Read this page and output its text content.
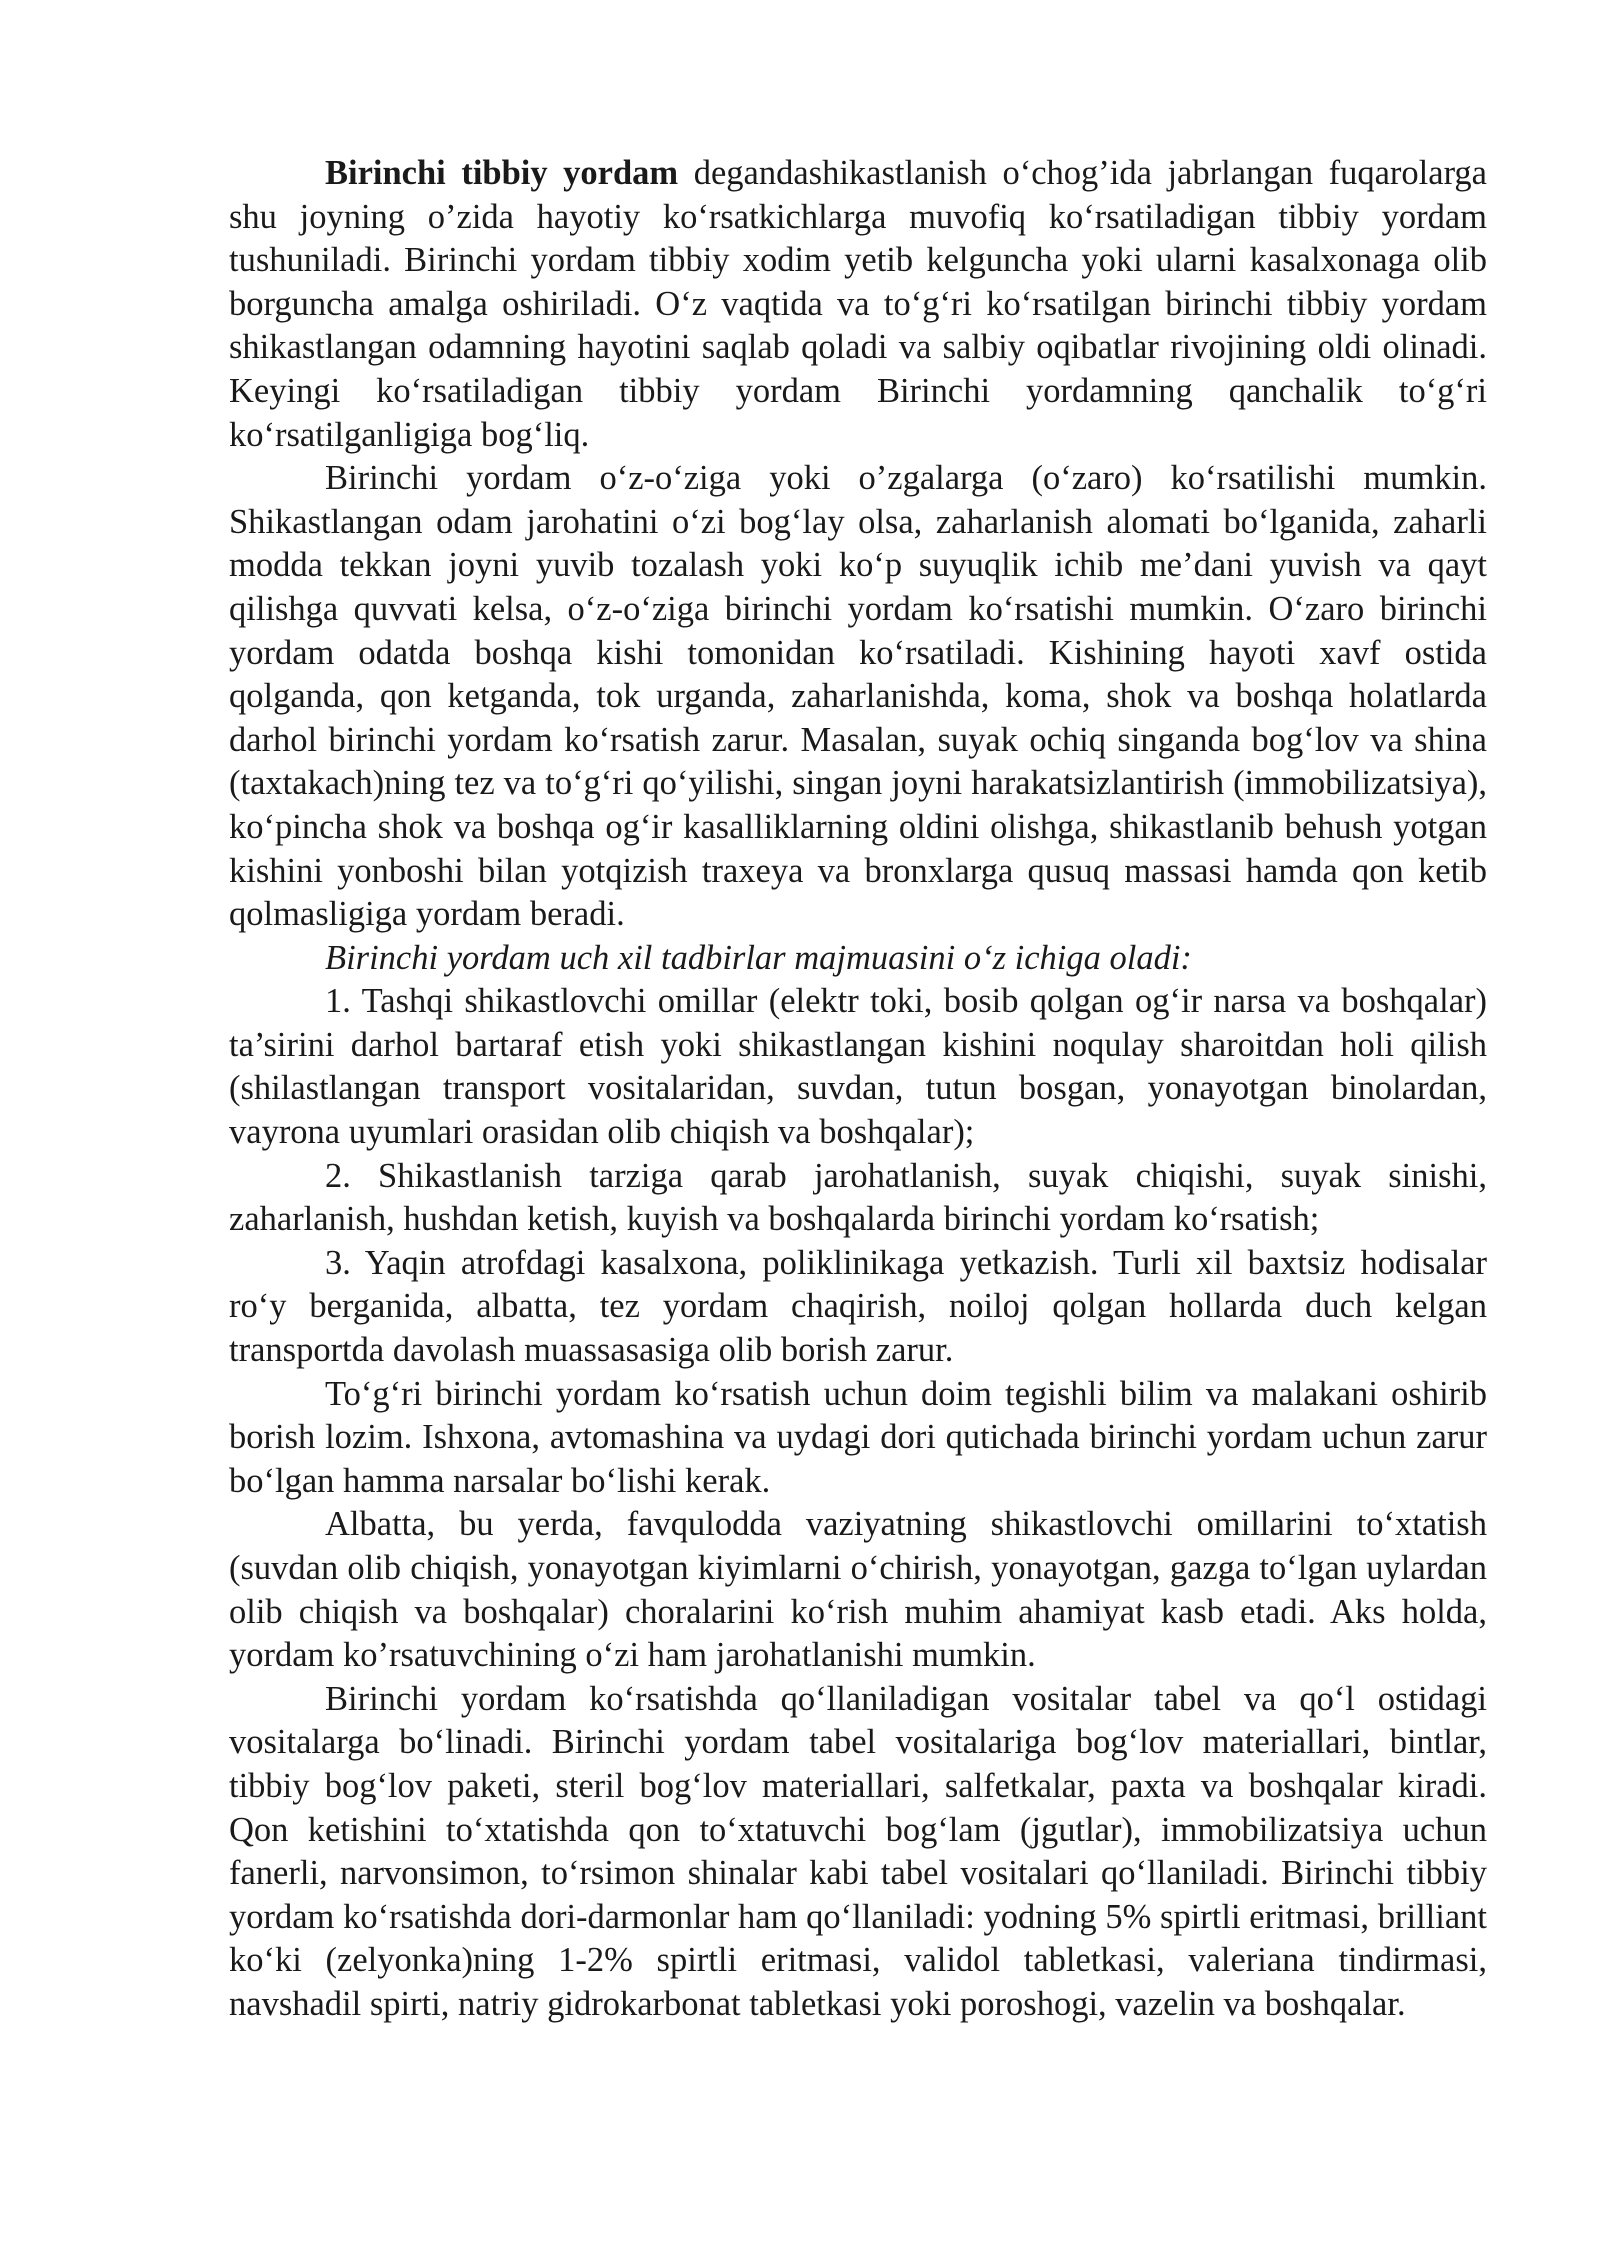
Birinchi tibbiy yordam degandashikastlanish o‘chog’ida jabrlangan fuqarolarga shu joyning o’zida hayotiy ko‘rsatkichlarga muvofiq ko‘rsatiladigan tibbiy yordam tushuniladi. Birinchi yordam tibbiy xodim yetib kelguncha yoki ularni kasalxonaga olib borguncha amalga oshiriladi. O‘z vaqtida va to‘g‘ri ko‘rsatilgan birinchi tibbiy yordam shikastlangan odamning hayotini saqlab qoladi va salbiy oqibatlar rivojining oldi olinadi. Keyingi ko‘rsatiladigan tibbiy yordam Birinchi yordamning qanchalik to‘g‘ri ko‘rsatilganligiga bog‘liq.

Birinchi yordam o‘z-o‘ziga yoki o’zgalarga (o‘zaro) ko‘rsatilishi mumkin. Shikastlangan odam jarohatini o‘zi bog‘lay olsa, zaharlanish alomati bo‘lganida, zaharli modda tekkan joyni yuvib tozalash yoki ko‘p suyuqlik ichib me’dani yuvish va qayt qilishga quvvati kelsa, o‘z-o‘ziga birinchi yordam ko‘rsatishi mumkin. O‘zaro birinchi yordam odatda boshqa kishi tomonidan ko‘rsatiladi. Kishining hayoti xavf ostida qolganda, qon ketganda, tok urganda, zaharlanishda, koma, shok va boshqa holatlarda darhol birinchi yordam ko‘rsatish zarur. Masalan, suyak ochiq singanda bog‘lov va shina (taxtakach)ning tez va to‘g‘ri qo‘yilishi, singan joyni harakatsizlantirish (immobilizatsiya), ko‘pincha shok va boshqa og‘ir kasalliklarning oldini olishga, shikastlanib behush yotgan kishini yonboshi bilan yotqizish traxeya va bronxlarga qusuq massasi hamda qon ketib qolmasligiga yordam beradi.

Birinchi yordam uch xil tadbirlar majmuasini o‘z ichiga oladi:

1. Tashqi shikastlovchi omillar (elektr toki, bosib qolgan og‘ir narsa va boshqalar) ta’sirini darhol bartaraf etish yoki shikastlangan kishini noqulay sharoitdan holi qilish (shilastlangan transport vositalaridan, suvdan, tutun bosgan, yonayotgan binolardan, vayrona uyumlari orasidan olib chiqish va boshqalar);

2. Shikastlanish tarziga qarab jarohatlanish, suyak chiqishi, suyak sinishi, zaharlanish, hushdan ketish, kuyish va boshqalarda birinchi yordam ko‘rsatish;

3. Yaqin atrofdagi kasalxona, poliklinikaga yetkazish. Turli xil baxtsiz hodisalar ro‘y berganida, albatta, tez yordam chaqirish, noiloj qolgan hollarda duch kelgan transportda davolash muassasasiga olib borish zarur.

To‘g‘ri birinchi yordam ko‘rsatish uchun doim tegishli bilim va malakani oshirib borish lozim. Ishxona, avtomashina va uydagi dori qutichada birinchi yordam uchun zarur bo‘lgan hamma narsalar bo‘lishi kerak.

Albatta, bu yerda, favqulodda vaziyatning shikastlovchi omillarini to‘xtatish (suvdan olib chiqish, yonayotgan kiyimlarni o‘chirish, yonayotgan, gazga to‘lgan uylardan olib chiqish va boshqalar) choralarini ko‘rish muhim ahamiyat kasb etadi. Aks holda, yordam ko’rsatuvchining o‘zi ham jarohatlanishi mumkin.

Birinchi yordam ko‘rsatishda qo‘llaniladigan vositalar tabel va qo‘l ostidagi vositalarga bo‘linadi. Birinchi yordam tabel vositalariga bog‘lov materiallari, bintlar, tibbiy bog‘lov paketi, steril bog‘lov materiallari, salfetkalar, paxta va boshqalar kiradi. Qon ketishini to‘xtatishda qon to‘xtatuvchi bog‘lam (jgutlar), immobilizatsiya uchun fanerli, narvonsimon, to‘rsimon shinalar kabi tabel vositalari qo‘llaniladi. Birinchi tibbiy yordam ko‘rsatishda dori-darmonlar ham qo‘llaniladi: yodning 5% spirtli eritmasi, brilliant ko‘ki (zelyonka)ning 1-2% spirtli eritmasi, validol tabletkasi, valeriana tindirmasi, navshadil spirti, natriy gidrokarbonat tabletkasi yoki poroshogi, vazelin va boshqalar.
